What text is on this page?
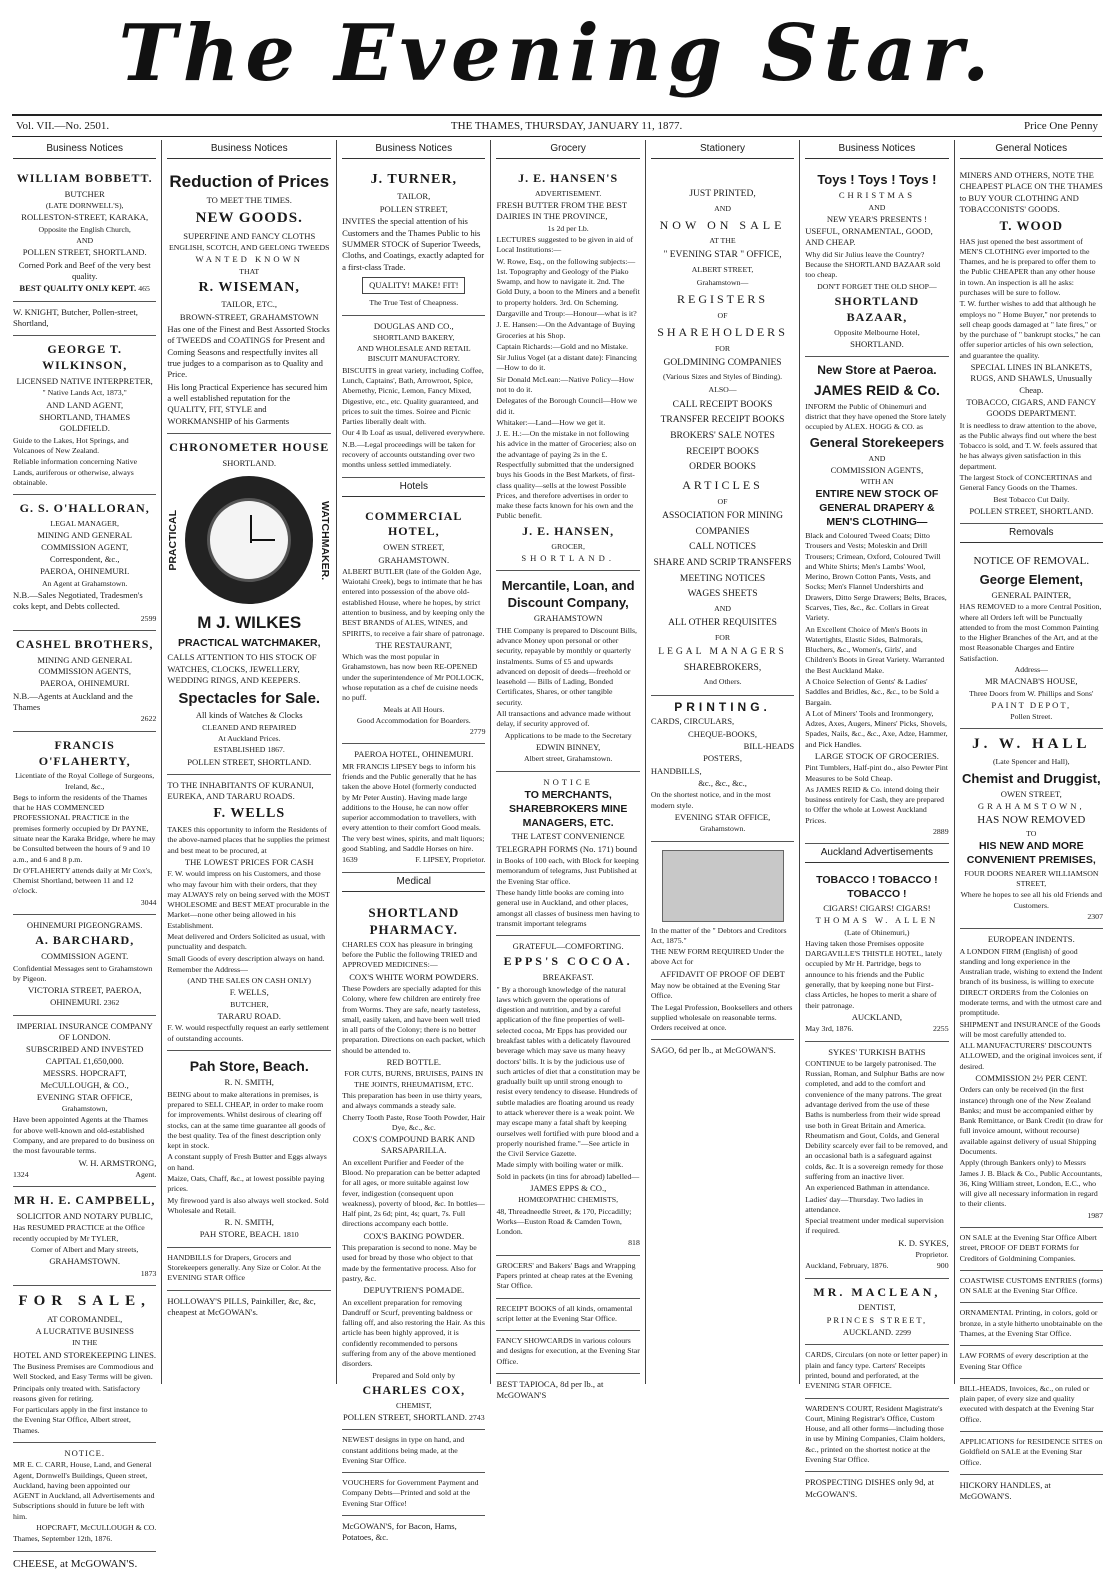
The Evening Star.
Vol. VII.—No. 2501.	THE THAMES, THURSDAY, JANUARY 11, 1877.	Price One Penny
Business Notices
WILLIAM BOBBETT.

BUTCHER

(LATE DORNWELL'S),

ROLLESTON-STREET, KARAKA,

Opposite the English Church,

AND

POLLEN STREET, SHORTLAND.

Corned Pork and Beef of the very best quality.

BEST QUALITY ONLY KEPT. 465

W. KNIGHT, Butcher, Pollen-street, Shortland,

GEORGE T. WILKINSON,

LICENSED NATIVE INTERPRETER,

" Native Lands Act, 1873,"

AND LAND AGENT,

SHORTLAND, THAMES GOLDFIELD.

Guide to the Lakes, Hot Springs, and Volcanoes of New Zealand.

Reliable information concerning Native Lands, auriferous or otherwise, always obtainable.

G. S. O'HALLORAN,

LEGAL MANAGER,

MINING AND GENERAL COMMISSION AGENT,

Correspondent, &c.,

PAEROA, OHINEMURI.

An Agent at Grahamstown.

N.B.—Sales Negotiated, Tradesmen's coks kept, and Debts collected.

2599

CASHEL BROTHERS,

MINING AND GENERAL COMMISSION AGENTS,

PAEROA, OHINEMURI.

N.B.—Agents at Auckland and the Thames

2622

FRANCIS O'FLAHERTY,

Licentiate of the Royal College of Surgeons, Ireland, &c.,

Begs to inform the residents of the Thames that he HAS COMMENCED PROFESSIONAL PRACTICE in the premises formerly occupied by Dr PAYNE, situate near the Karaka Bridge, where he may be Consulted between the hours of 9 and 10 a.m., and 6 and 8 p.m.

Dr O'FLAHERTY attends daily at Mr Cox's, Chemist Shortland, between 11 and 12 o'clock.

3044

OHINEMURI PIGEONGRAMS.

A. BARCHARD,

COMMISSION AGENT.

Confidential Messages sent to Grahamstown by Pigeon.

VICTORIA STREET, PAEROA,

OHINEMURI. 2362

IMPERIAL INSURANCE COMPANY OF LONDON.

SUBSCRIBED AND INVESTED CAPITAL £1,650,000.

MESSRS. HOPCRAFT, McCULLOUGH, & CO.,

EVENING STAR OFFICE,

Grahamstown,

Have been appointed Agents at the Thames for above well-known and old-established Company, and are prepared to do business on the most favourable terms.

W. H. ARMSTRONG,

1324	Agent.

MR H. E. CAMPBELL,

SOLICITOR AND NOTARY PUBLIC,

Has RESUMED PRACTICE at the Office recently occupied by Mr TYLER,

Corner of Albert and Mary streets,

GRAHAMSTOWN.

1873

FOR SALE,

AT COROMANDEL,

A LUCRATIVE BUSINESS

IN THE

HOTEL AND STOREKEEPING LINES.

The Business Premises are Commodious and Well Stocked, and Easy Terms will be given.

Principals only treated with. Satisfactory reasons given for retiring.

For particulars apply in the first instance to the Evening Star Office, Albert street, Thames.

NOTICE.

MR E. C. CARR, House, Land, and General Agent, Dornwell's Buildings, Queen street, Auckland, having been appointed our AGENT in Auckland, all Advertisements and Subscriptions should in future be left with him.

HOPCRAFT, McCULLOUGH & CO.

Thames, September 12th, 1876.

CHEESE, at McGOWAN'S.

Business Notices
Reduction of Prices

TO MEET THE TIMES.

NEW GOODS.

SUPERFINE AND FANCY CLOTHS

ENGLISH, SCOTCH, AND GEELONG TWEEDS

WANTED KNOWN

THAT

R. WISEMAN,

TAILOR, ETC.,

BROWN-STREET, GRAHAMSTOWN

Has one of the Finest and Best Assorted Stocks of TWEEDS and COATINGS for Present and Coming Seasons and respectfully invites all true judges to a comparison as to Quality and Price.

His long Practical Experience has secured him a well established reputation for the QUALITY, FIT, STYLE and WORKMANSHIP of his Garments

CHRONOMETER HOUSE

SHORTLAND.

PRACTICAL	WATCHMAKER.
M J. WILKES

PRACTICAL WATCHMAKER,

CALLS ATTENTION TO HIS STOCK OF

WATCHES, CLOCKS, JEWELLERY, WEDDING RINGS, AND KEEPERS.

Spectacles for Sale.

All kinds of Watches & Clocks

CLEANED AND REPAIRED

At Auckland Prices.

ESTABLISHED 1867.

POLLEN STREET, SHORTLAND.

TO THE INHABITANTS OF KURANUI, EUREKA, AND TARARU ROADS.

F. WELLS

TAKES this opportunity to inform the Residents of the above-named places that he supplies the primest and best meat to be procured, at

THE LOWEST PRICES FOR CASH

F. W. would impress on his Customers, and those who may favour him with their orders, that they may ALWAYS rely on being served with the MOST WHOLESOME and BEST MEAT procurable in the Market—none other being allowed in his Establishment.

Meat delivered and Orders Solicited as usual, with punctuality and despatch.

Small Goods of every description always on hand.

Remember the Address—

(AND THE SALES ON CASH ONLY)

F. WELLS,

BUTCHER,

TARARU ROAD.

F. W. would respectfully request an early settlement of outstanding accounts.

Pah Store, Beach.

R. N. SMITH,

BEING about to make alterations in premises, is prepared to SELL CHEAP, in order to make room for improvements. Whilst desirous of clearing off stocks, can at the same time guarantee all goods of the best quality. Tea of the finest description only kept in stock.

A constant supply of Fresh Butter and Eggs always on hand.

Maize, Oats, Chaff, &c., at lowest possible paying prices.

My firewood yard is also always well stocked. Sold Wholesale and Retail.

R. N. SMITH,

PAH STORE, BEACH. 1810

HANDBILLS for Drapers, Grocers and Storekeepers generally. Any Size or Color. At the EVENING STAR Office

HOLLOWAY'S PILLS, Painkiller, &c, &c, cheapest at McGOWAN's.

Business Notices
J. TURNER,

TAILOR,

POLLEN STREET,

INVITES the special attention of his Customers and the Thames Public to his SUMMER STOCK of Superior Tweeds, Cloths, and Coatings, exactly adapted for a first-class Trade.

QUALITY! MAKE! FIT!

The True Test of Cheapness.

DOUGLAS AND CO.,

SHORTLAND BAKERY,

AND WHOLESALE AND RETAIL BISCUIT MANUFACTORY.

BISCUITS in great variety, including Coffee, Lunch, Captains', Bath, Arrowroot, Spice, Abernethy, Picnic, Lemon, Fancy Mixed, Digestive, etc., etc. Quality guaranteed, and prices to suit the times. Soiree and Picnic Parties liberally dealt with.

Our 4 lb Loaf as usual, delivered everywhere.

N.B.—Legal proceedings will be taken for recovery of accounts outstanding over two months unless settled immediately.

Hotels
COMMERCIAL HOTEL,

OWEN STREET,

GRAHAMSTOWN.

ALBERT BUTLER (late of the Golden Age, Waiotahi Creek), begs to intimate that he has entered into possession of the above old-established House, where he hopes, by strict attention to business, and by keeping only the BEST BRANDS of ALES, WINES, and SPIRITS, to receive a fair share of patronage.

THE RESTAURANT,

Which was the most popular in Grahamstown, has now been RE-OPENED under the superintendence of Mr POLLOCK, whose reputation as a chef de cuisine needs no puff.

Meals at All Hours.

Good Accommodation for Boarders.

2779

PAEROA HOTEL, OHINEMURI.

MR FRANCIS LIPSEY begs to inform his friends and the Public generally that he has taken the above Hotel (formerly conducted by Mr Peter Austin). Having made large additions to the House, he can now offer superior accommodation to travellers, with every attention to their comfort Good meals. The very best wines, spirits, and malt liquors; good Stabling, and Saddle Horses on hire.

1639	F. LIPSEY, Proprietor.

Medical
SHORTLAND PHARMACY.

CHARLES COX has pleasure in bringing before the Public the following TRIED and APPROVED MEDICINES:—

COX'S WHITE WORM POWDERS.

These Powders are specially adapted for this Colony, where few children are entirely free from Worms. They are safe, nearly tasteless, small, easily taken, and have been well tried in all parts of the Colony; there is no better preparation. Directions on each packet, which should be attended to.

RED BOTTLE.

FOR CUTS, BURNS, BRUISES, PAINS IN THE JOINTS, RHEUMATISM, ETC.

This preparation has been in use thirty years, and always commands a steady sale.

Cherry Tooth Paste, Rose Tooth Powder, Hair Dye, &c., &c.

COX'S COMPOUND BARK AND SARSAPARILLA.

An excellent Purifier and Feeder of the Blood. No preparation can be better adapted for all ages, or more suitable against low fever, indigestion (consequent upon weakness), poverty of blood, &c. In bottles—Half pint, 2s 6d; pint, 4s; quart, 7s. Full directions accompany each bottle.

COX'S BAKING POWDER.

This preparation is second to none. May be used for bread by those who object to that made by the fermentative process. Also for pastry, &c.

DEPUYTRIEN'S POMADE.

An excellent preparation for removing Dandruff or Scurf, preventing baldness or falling off, and also restoring the Hair. As this article has been highly approved, it is confidently recommended to persons suffering from any of the above mentioned disorders.

Prepared and Sold only by

CHARLES COX,

CHEMIST,

POLLEN STREET, SHORTLAND. 2743

NEWEST designs in type on hand, and constant additions being made, at the Evening Star Office.

VOUCHERS for Government Payment and Company Debts—Printed and sold at the Evening Star Office!

McGOWAN'S, for Bacon, Hams, Potatoes, &c.

Grocery
J. E. HANSEN'S

ADVERTISEMENT.

FRESH BUTTER FROM THE BEST DAIRIES IN THE PROVINCE,

1s 2d per Lb.

LECTURES suggested to be given in aid of Local Institutions:—

W. Rowe, Esq., on the following subjects:—1st. Topography and Geology of the Piako Swamp, and how to navigate it. 2nd. The Gold Duty, a boon to the Miners and a benefit to property holders. 3rd. On Scheming.

Dargaville and Troup:—Honour—what is it?

J. E. Hansen:—On the Advantage of Buying Groceries at his Shop.

Captain Richards:—Gold and no Mistake.

Sir Julius Vogel (at a distant date): Financing—How to do it.

Sir Donald McLean:—Native Policy—How not to do it.

Delegates of the Borough Council—How we did it.

Whitaker:—Land—How we get it.

J. E. H.:—On the mistake in not following his advice in the matter of Groceries; also on the advantage of paying 2s in the £. Respectfully submitted that the undersigned buys his Goods in the Best Markets, of first-class quality—sells at the lowest Possible Prices, and therefore advertises in order to make these facts known for his own and the Public benefit.

J. E. HANSEN,

GROCER,

SHORTLAND.

Mercantile, Loan, and Discount Company,

GRAHAMSTOWN

THE Company is prepared to Discount Bills, advance Money upon personal or other security, repayable by monthly or quarterly instalments. Sums of £5 and upwards advanced on deposit of deeds—freehold or leasehold — Bills of Lading, Bonded Certificates, Shares, or other tangible security.

All transactions and advance made without delay, if security approved of.

Applications to be made to the Secretary

EDWIN BINNEY,

Albert street, Grahamstown.

NOTICE

TO MERCHANTS, SHAREBROKERS MINE MANAGERS, ETC.

THE LATEST CONVENIENCE

TELEGRAPH FORMS (No. 171) bound

in Books of 100 each, with Block for keeping memorandum of telegrams, Just Published at the Evening Star office.

These handy little books are coming into general use in Auckland, and other places, amongst all classes of business men having to transmit important telegrams

GRATEFUL—COMFORTING.

EPPS'S COCOA.

BREAKFAST.

" By a thorough knowledge of the natural laws which govern the operations of digestion and nutrition, and by a careful application of the fine properties of well-selected cocoa, Mr Epps has provided our breakfast tables with a delicately flavoured beverage which may save us many heavy doctors' bills. It is by the judicious use of such articles of diet that a constitution may be gradually built up until strong enough to resist every tendency to disease. Hundreds of subtle maladies are floating around us ready to attack wherever there is a weak point. We may escape many a fatal shaft by keeping ourselves well fortified with pure blood and a properly nourished frame."—See article in the Civil Service Gazette.

Made simply with boiling water or milk.

Sold in packets (in tins for abroad) labelled—

JAMES EPPS & CO.,

HOMŒOPATHIC CHEMISTS,

48, Threadneedle Street, & 170, Piccadilly; Works—Euston Road & Camden Town, London.

818

GROCERS' and Bakers' Bags and Wrapping Papers printed at cheap rates at the Evening Star Office.

RECEIPT BOOKS of all kinds, ornamental script letter at the Evening Star Office.

FANCY SHOWCARDS in various colours and designs for execution, at the Evening Star Office.

BEST TAPIOCA, 8d per lb., at McGOWAN'S

Stationery

JUST PRINTED,

AND

NOW ON SALE

AT THE

" EVENING STAR " OFFICE,

ALBERT STREET,

Grahamstown—

REGISTERS

OF

SHAREHOLDERS

FOR

GOLDMINING COMPANIES

(Various Sizes and Styles of Binding).

ALSO—

CALL RECEIPT BOOKS

TRANSFER RECEIPT BOOKS

BROKERS' SALE NOTES

RECEIPT BOOKS

ORDER BOOKS

ARTICLES

OF

ASSOCIATION FOR MINING

COMPANIES

CALL NOTICES

SHARE AND SCRIP TRANSFERS

MEETING NOTICES

WAGES SHEETS

AND

ALL OTHER REQUISITES

FOR

LEGAL MANAGERS

SHAREBROKERS,

And Others.

PRINTING.

CARDS, CIRCULARS,

CHEQUE-BOOKS,

BILL-HEADS

POSTERS,

HANDBILLS,

&c., &c., &c.,

On the shortest notice, and in the most modern style.

EVENING STAR OFFICE,

Grahamstown.

In the matter of the " Debtors and Creditors Act, 1875."

THE NEW FORM REQUIRED Under the above Act for

AFFIDAVIT OF PROOF OF DEBT

May now be obtained at the Evening Star Office.

The Legal Profession, Booksellers and others supplied wholesale on reasonable terms. Orders received at once.

SAGO, 6d per lb., at McGOWAN'S.

Business Notices
Toys ! Toys ! Toys !

CHRISTMAS

AND

NEW YEAR'S PRESENTS !

USEFUL, ORNAMENTAL, GOOD, AND CHEAP.

Why did Sir Julius leave the Country? Because the SHORTLAND BAZAAR sold too cheap.

DON'T FORGET THE OLD SHOP—

SHORTLAND BAZAAR,

Opposite Melbourne Hotel,

SHORTLAND.

New Store at Paeroa.
JAMES REID & Co.

INFORM the Public of Ohinemuri and district that they have opened the Store lately occupied by ALEX. HOGG & CO. as

General Storekeepers

AND

COMMISSION AGENTS,

WITH AN

ENTIRE NEW STOCK OF GENERAL DRAPERY & MEN'S CLOTHING—

Black and Coloured Tweed Coats; Ditto Trousers and Vests; Moleskin and Drill Trousers; Crimean, Oxford, Coloured Twill and White Shirts; Men's Lambs' Wool, Merino, Brown Cotton Pants, Vests, and Socks; Men's Flannel Undershirts and Drawers, Ditto Serge Drawers; Belts, Braces, Scarves, Ties, &c., &c. Collars in Great Variety.

An Excellent Choice of Men's Boots in Watertights, Elastic Sides, Balmorals, Bluchers, &c., Women's, Girls', and Children's Boots in Great Variety. Warranted the Best Auckland Make.

A Choice Selection of Gents' & Ladies' Saddles and Bridles, &c., &c., to be Sold a Bargain.

A Lot of Miners' Tools and Ironmongery, Adzes, Axes, Augers, Miners' Picks, Shovels, Spades, Nails, &c., &c., Axe, Adze, Hammer, and Pick Handles.

LARGE STOCK OF GROCERIES.

Pint Tumblers, Half-pint do., also Pewter Pint Measures to be Sold Cheap.

As JAMES REID & Co. intend doing their business entirely for Cash, they are prepared to Offer the whole at Lowest Auckland Prices.

2889

Auckland Advertisements

TOBACCO ! TOBACCO ! TOBACCO !

CIGARS! CIGARS! CIGARS!

THOMAS W. ALLEN

(Late of Ohinemuri,)

Having taken those Premises opposite DARGAVILLE'S THISTLE HOTEL, lately occupied by Mr H. Partridge, begs to announce to his friends and the Public generally, that by keeping none but First-class Articles, he hopes to merit a share of their patronage.

AUCKLAND,

May 3rd, 1876.	2255

SYKES' TURKISH BATHS

CONTINUE to be largely patronised. The Russian, Roman, and Sulphur Baths are now completed, and add to the comfort and convenience of the many patrons. The great advantage derived from the use of these Baths is numberless from their wide spread use both in Great Britain and America. Rheumatism and Gout, Colds, and General Debility scarcely ever fail to be removed, and an occasional bath is a safeguard against colds, &c. It is a sovereign remedy for those suffering from an inactive liver.

An experienced Bathman in attendance.

Ladies' day—Thursday. Two ladies in attendance.

Special treatment under medical supervision if required.

K. D. SYKES,

Proprietor.

Auckland, February, 1876.	900

MR. MACLEAN,

DENTIST,

PRINCES STREET,

AUCKLAND. 2299

CARDS, Circulars (on note or letter paper) in plain and fancy type. Carters' Receipts printed, bound and perforated, at the EVENING STAR OFFICE.

WARDEN'S COURT, Resident Magistrate's Court, Mining Registrar's Office, Custom House, and all other forms—including those in use by Mining Companies, Claim holders, &c., printed on the shortest notice at the Evening Star Office.

PROSPECTING DISHES only 9d, at McGOWAN'S.

General Notices

MINERS AND OTHERS, NOTE THE CHEAPEST PLACE ON THE THAMES to BUY YOUR CLOTHING AND TOBACCONISTS' GOODS.

T. WOOD

HAS just opened the best assortment of MEN'S CLOTHING ever imported to the Thames, and he is prepared to offer them to the Public CHEAPER than any other house in town. An inspection is all he asks: purchases will be sure to follow.

T. W. further wishes to add that although he employs no " Home Buyer," nor pretends to sell cheap goods damaged at " late fires," or by the purchase of " bankrupt stocks," he can offer superior articles of his own selection, and guarantee the quality.

SPECIAL LINES IN BLANKETS, RUGS, AND SHAWLS, Unusually Cheap.

TOBACCO, CIGARS, AND FANCY GOODS DEPARTMENT.

It is needless to draw attention to the above, as the Public always find out where the best Tobacco is sold, and T. W. feels assured that he has always given satisfaction in this department.

The largest Stock of CONCERTINAS and General Fancy Goods on the Thames.

Best Tobacco Cut Daily.

POLLEN STREET, SHORTLAND.

Removals

NOTICE OF REMOVAL.

George Element,

GENERAL PAINTER,

HAS REMOVED to a more Central Position, where all Orders left will be Punctually attended to from the most Common Painting to the Higher Branches of the Art, and at the most Reasonable Charges and Entire Satisfaction.

Address—

MR MACNAB'S HOUSE,

Three Doors from W. Phillips and Sons'

PAINT DEPOT,

Pollen Street.

J. W. HALL

(Late Spencer and Hall),

Chemist and Druggist,

OWEN STREET,

GRAHAMSTOWN,

HAS NOW REMOVED

TO

HIS NEW AND MORE CONVENIENT PREMISES,

FOUR DOORS NEARER WILLIAMSON STREET,

Where he hopes to see all his old Friends and Customers.

2307

EUROPEAN INDENTS.

A LONDON FIRM (English) of good standing and long experience in the Australian trade, wishing to extend the Indent branch of its business, is willing to execute DIRECT ORDERS from the Colonies on moderate terms, and with the utmost care and promptitude.

SHIPMENT and INSURANCE of the Goods will be most carefully attended to.

ALL MANUFACTURERS' DISCOUNTS ALLOWED, and the original invoices sent, if desired.

COMMISSION 2½ PER CENT.

Orders can only be received (in the first instance) through one of the New Zealand Banks; and must be accompanied either by Bank Remittance, or Bank Credit (to draw for full invoice amount, without recourse) available against delivery of usual Shipping Documents.

Apply (through Bankers only) to Messrs James J. B. Black & Co., Public Accountants, 36, King William street, London, E.C., who will give all necessary information in regard to their clients.

1987

ON SALE at the Evening Star Office Albert street, PROOF OF DEBT FORMS for Creditors of Goldmining Companies.

COASTWISE CUSTOMS ENTRIES (forms) ON SALE at the Evening Star Office.

ORNAMENTAL Printing, in colors, gold or bronze, in a style hitherto unobtainable on the Thames, at the Evening Star Office.

LAW FORMS of every description at the Evening Star Office

BILL-HEADS, Invoices, &c., on ruled or plain paper, of every size and quality executed with despatch at the Evening Star Office.

APPLICATIONS for RESIDENCE SITES on Goldfield on SALE at the Evening Star Office.

HICKORY HANDLES, at McGOWAN'S.
